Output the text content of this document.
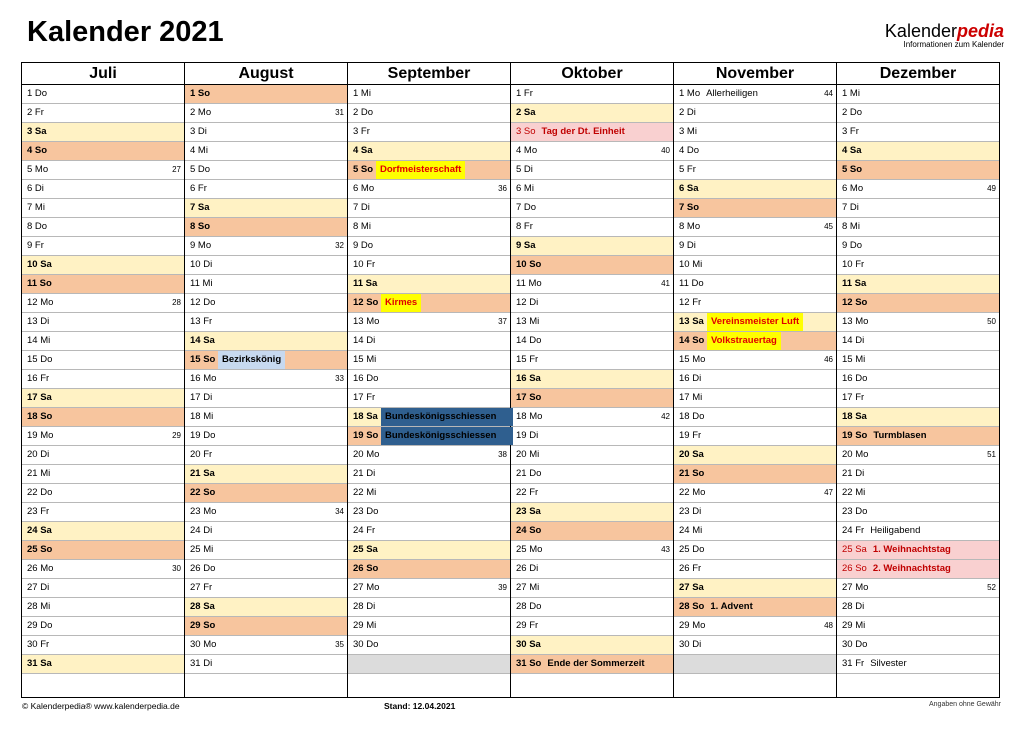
Kalender 2021	Kalenderpedia
Informationen zum Kalender
Juli
1 Do
2 Fr
3 Sa
4 So
5 Mo	27
6 Di
7 Mi
8 Do
9 Fr
10 Sa
11 So
12 Mo	28
13 Di
14 Mi
15 Do
16 Fr
17 Sa
18 So
19 Mo	29
20 Di
21 Mi
22 Do
23 Fr
24 Sa
25 So
26 Mo	30
27 Di
28 Mi
29 Do
30 Fr
31 Sa
August
1 So
2 Mo	31
3 Di
4 Mi
5 Do
6 Fr
7 Sa
8 So
9 Mo	32
10 Di
11 Mi
12 Do
13 Fr
14 Sa
15 So Bezirkskönig
16 Mo	33
17 Di
18 Mi
19 Do
20 Fr
21 Sa
22 So
23 Mo	34
24 Di
25 Mi
26 Do
27 Fr
28 Sa
29 So
30 Mo	35
31 Di
September
1 Mi
2 Do
3 Fr
4 Sa
5 So Dorfmeisterschaft
6 Mo	36
7 Di
8 Mi
9 Do
10 Fr
11 Sa
12 So Kirmes
13 Mo	37
14 Di
15 Mi
16 Do
17 Fr
18 Sa Bundeskönigsschiessen
19 So Bundeskönigsschiessen
20 Mo	38
21 Di
22 Mi
23 Do
24 Fr
25 Sa
26 So
27 Mo	39
28 Di
29 Mi
30 Do
Oktober
1 Fr
2 Sa
3 So Tag der Dt. Einheit
4 Mo	40
5 Di
6 Mi
7 Do
8 Fr
9 Sa
10 So
11 Mo	41
12 Di
13 Mi
14 Do
15 Fr
16 Sa
17 So
18 Mo	42
19 Di
20 Mi
21 Do
22 Fr
23 Sa
24 So
25 Mo	43
26 Di
27 Mi
28 Do
29 Fr
30 Sa
31 So Ende der Sommerzeit
November
1 Mo Allerheiligen	44
2 Di
3 Mi
4 Do
5 Fr
6 Sa
7 So
8 Mo	45
9 Di
10 Mi
11 Do
12 Fr
13 Sa Vereinsmeister Luft
14 So Volkstrauertag
15 Mo	46
16 Di
17 Mi
18 Do
19 Fr
20 Sa
21 So
22 Mo	47
23 Di
24 Mi
25 Do
26 Fr
27 Sa
28 So 1. Advent
29 Mo	48
30 Di
Dezember
1 Mi
2 Do
3 Fr
4 Sa
5 So
6 Mo	49
7 Di
8 Mi
9 Do
10 Fr
11 Sa
12 So
13 Mo	50
14 Di
15 Mi
16 Do
17 Fr
18 Sa
19 So Turmblasen
20 Mo	51
21 Di
22 Mi
23 Do
24 Fr Heiligabend
25 Sa 1. Weihnachtstag
26 So 2. Weihnachtstag
27 Mo	52
28 Di
29 Mi
30 Do
31 Fr Silvester
© Kalenderpedia® www.kalenderpedia.de	Stand: 12.04.2021	Angaben ohne Gewähr
